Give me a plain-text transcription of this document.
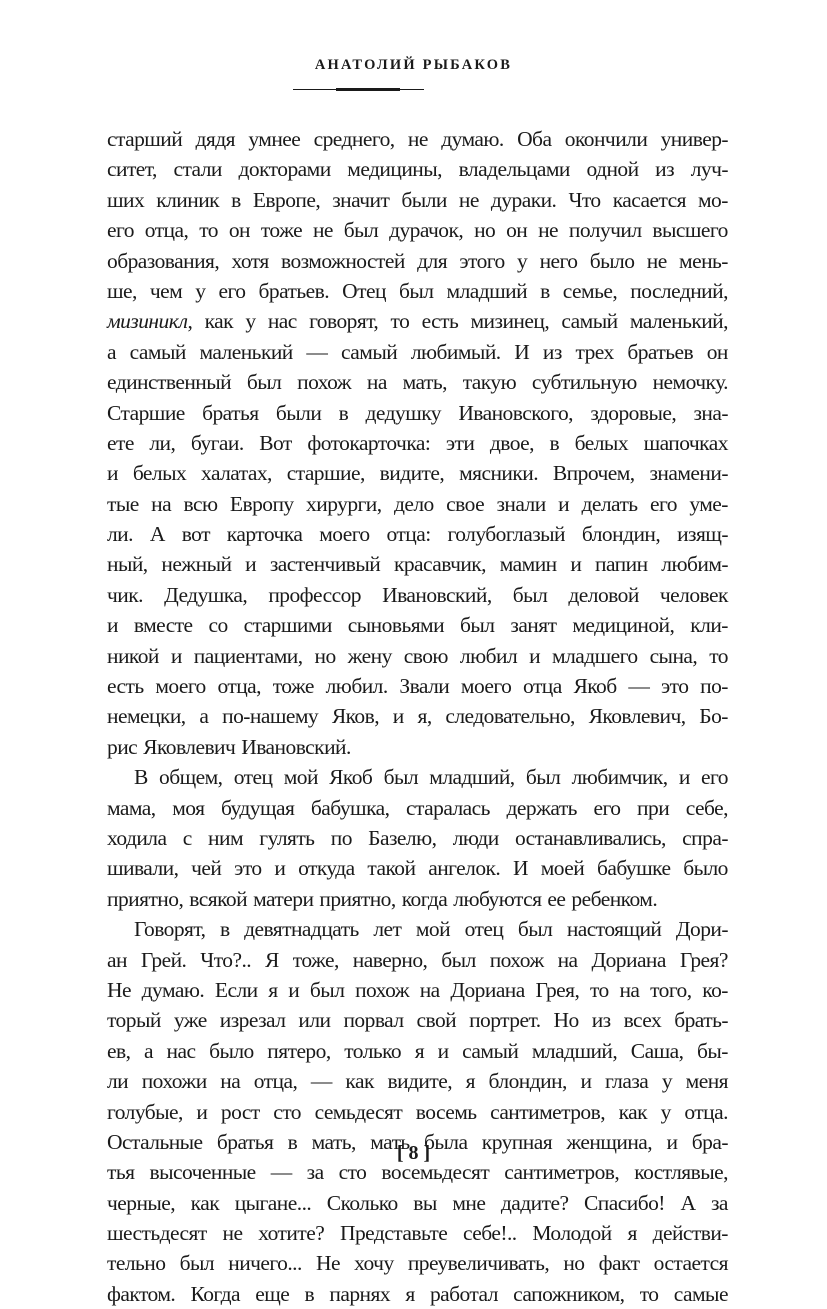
АНАТОЛИЙ РЫБАКОВ
старший дядя умнее среднего, не думаю. Оба окончили универ-
ситет, стали докторами медицины, владельцами одной из луч-
ших клиник в Европе, значит были не дураки. Что касается мо-
его отца, то он тоже не был дурачок, но он не получил высшего
образования, хотя возможностей для этого у него было не мень-
ше, чем у его братьев. Отец был младший в семье, последний,
мизиникл, как у нас говорят, то есть мизинец, самый маленький,
а самый маленький — самый любимый. И из трех братьев он
единственный был похож на мать, такую субтильную немочку.
Старшие братья были в дедушку Ивановского, здоровые, зна-
ете ли, бугаи. Вот фотокарточка: эти двое, в белых шапочках
и белых халатах, старшие, видите, мясники. Впрочем, знамени-
тые на всю Европу хирурги, дело свое знали и делать его уме-
ли. А вот карточка моего отца: голубоглазый блондин, изящ-
ный, нежный и застенчивый красавчик, мамин и папин любим-
чик. Дедушка, профессор Ивановский, был деловой человек
и вместе со старшими сыновьями был занят медициной, кли-
никой и пациентами, но жену свою любил и младшего сына, то
есть моего отца, тоже любил. Звали моего отца Якоб — это по-
немецки, а по-нашему Яков, и я, следовательно, Яковлевич, Бо-
рис Яковлевич Ивановский.
В общем, отец мой Якоб был младший, был любимчик, и его
мама, моя будущая бабушка, старалась держать его при себе,
ходила с ним гулять по Базелю, люди останавливались, спра-
шивали, чей это и откуда такой ангелок. И моей бабушке было
приятно, всякой матери приятно, когда любуются ее ребенком.
Говорят, в девятнадцать лет мой отец был настоящий Дори-
ан Грей. Что?.. Я тоже, наверно, был похож на Дориана Грея?
Не думаю. Если я и был похож на Дориана Грея, то на того, ко-
торый уже изрезал или порвал свой портрет. Но из всех брать-
ев, а нас было пятеро, только я и самый младший, Саша, бы-
ли похожи на отца, — как видите, я блондин, и глаза у меня
голубые, и рост сто семьдесят восемь сантиметров, как у отца.
Остальные братья в мать, мать была крупная женщина, и бра-
тья высоченные — за сто восемьдесят сантиметров, костлявые,
черные, как цыгане... Сколько вы мне дадите? Спасибо! А за
шестьдесят не хотите? Представьте себе!.. Молодой я действи-
тельно был ничего... Не хочу преувеличивать, но факт остается
фактом. Когда еще в парнях я работал сапожником, то самые
[ 8 ]
